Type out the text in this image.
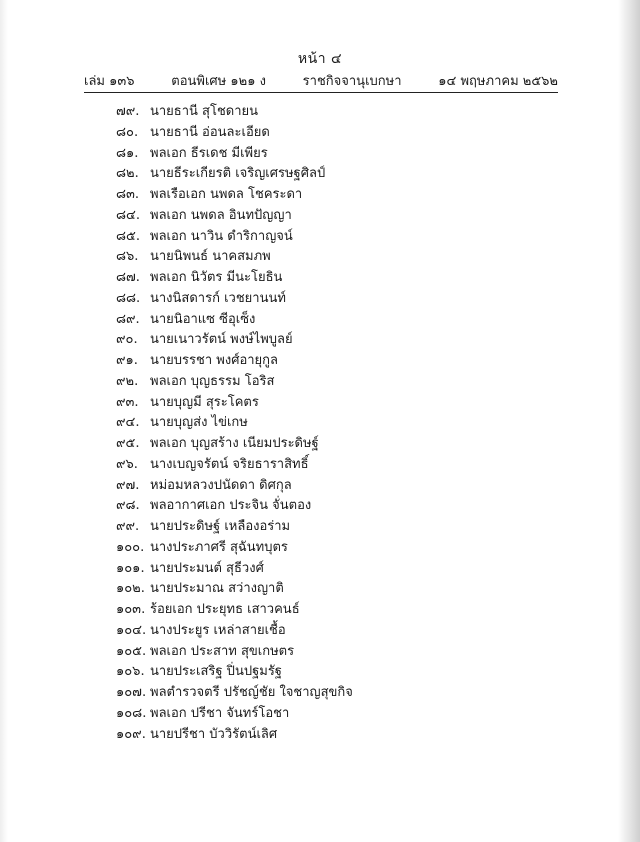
หน้า ๔
เล่ม ๑๓๖	ตอนพิเศษ ๑๒๑ ง	ราชกิจจานุเบกษา	๑๔ พฤษภาคม ๒๕๖๒
๗๙. นายธานี สุโชดายน
๘๐. นายธานี อ่อนละเอียด
๘๑. พลเอก ธีรเดช มีเพียร
๘๒. นายธีระเกียรติ เจริญเศรษฐศิลป์
๘๓. พลเรือเอก นพดล โชคระดา
๘๔. พลเอก นพดล อินทปัญญา
๘๕. พลเอก นาวิน ดำริกาญจน์
๘๖. นายนิพนธ์ นาคสมภพ
๘๗. พลเอก นิวัตร มีนะโยธิน
๘๘. นางนิสดารก์ เวชยานนท์
๘๙. นายนิอาแซ ซีอุเซ็ง
๙๐. นายเนาวรัตน์ พงษ์ไพบูลย์
๙๑. นายบรรชา พงศ์อายุกูล
๙๒. พลเอก บุญธรรม โอริส
๙๓. นายบุญมี สุระโคตร
๙๔. นายบุญส่ง ไข่เกษ
๙๕. พลเอก บุญสร้าง เนียมประดิษฐ์
๙๖. นางเบญจรัตน์ จริยธาราสิทธิ์
๙๗. หม่อมหลวงปนัดดา ดิศกุล
๙๘. พลอากาศเอก ประจิน จั่นตอง
๙๙. นายประดิษฐ์ เหลืองอร่าม
๑๐๐. นางประภาศรี สุฉันทบุตร
๑๐๑. นายประมนต์ สุธีวงศ์
๑๐๒. นายประมาณ สว่างญาติ
๑๐๓. ร้อยเอก ประยุทธ เสาวคนธ์
๑๐๔. นางประยูร เหล่าสายเชื้อ
๑๐๕. พลเอก ประสาท สุขเกษตร
๑๐๖. นายประเสริฐ ปิ่นปฐมรัฐ
๑๐๗. พลตำรวจตรี ปรัชญ์ชัย ใจชาญสุขกิจ
๑๐๘. พลเอก ปรีชา จันทร์โอชา
๑๐๙. นายปรีชา บัววิรัตน์เลิศ
